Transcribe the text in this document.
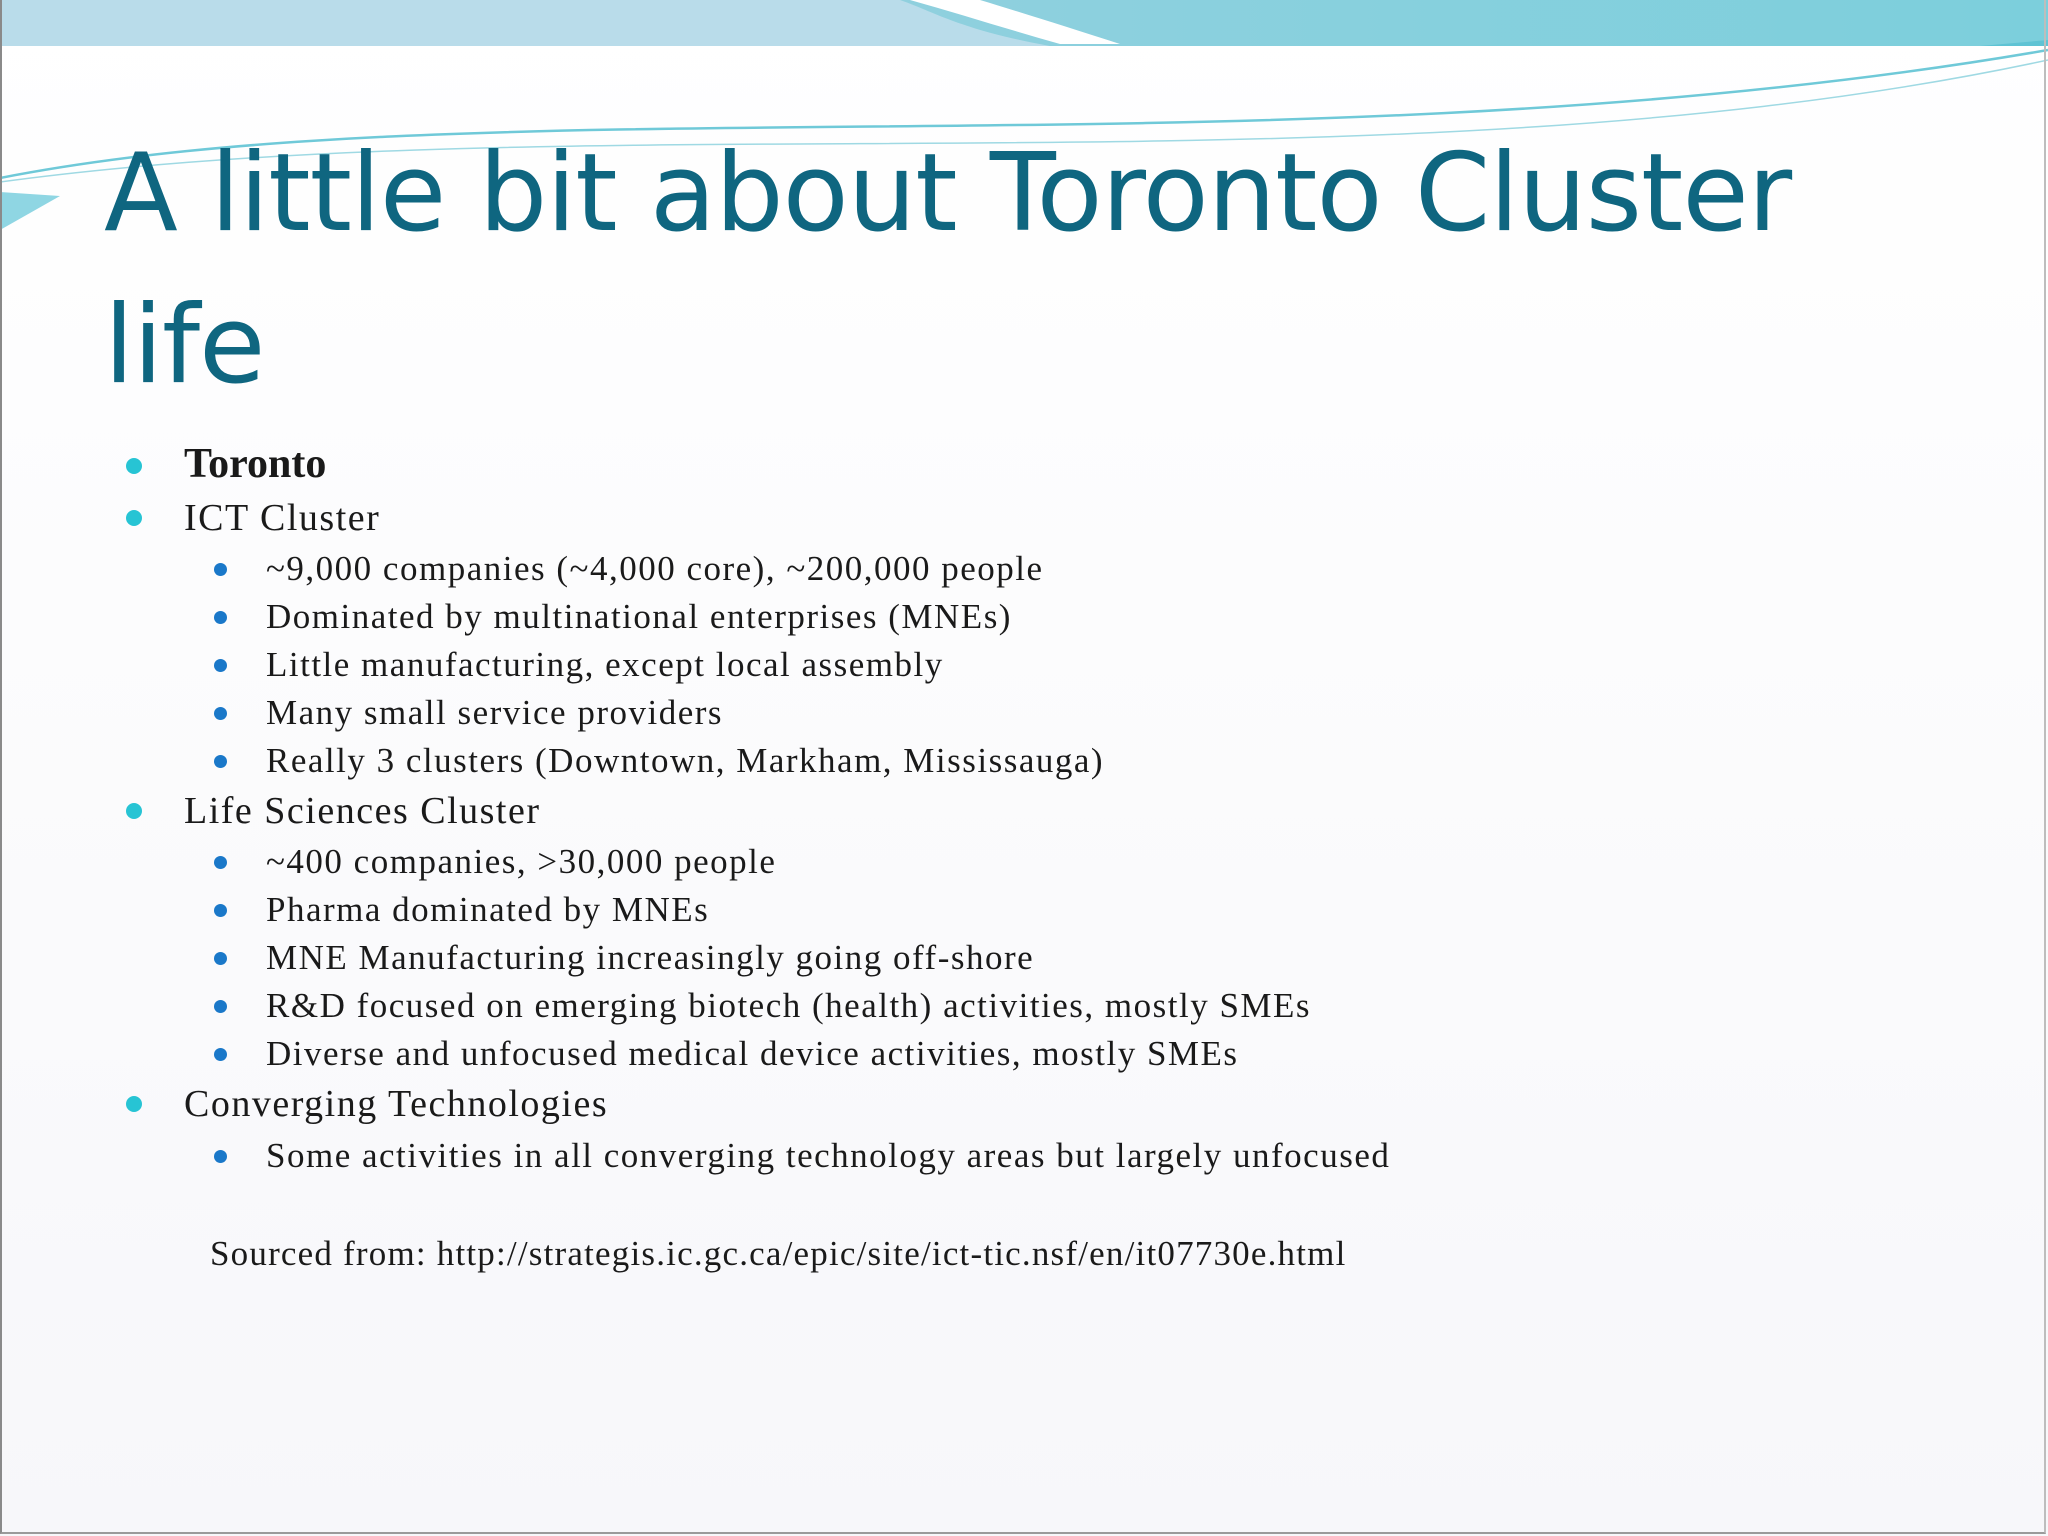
A little bit about Toronto Cluster life
Toronto
ICT Cluster
~9,000 companies (~4,000 core), ~200,000 people
Dominated by multinational enterprises (MNEs)
Little manufacturing, except local assembly
Many small service providers
Really 3 clusters (Downtown, Markham, Mississauga)
Life Sciences Cluster
~400 companies, >30,000 people
Pharma dominated by MNEs
MNE Manufacturing increasingly going off-shore
R&D focused on emerging biotech (health) activities, mostly SMEs
Diverse and unfocused medical device activities, mostly SMEs
Converging Technologies
Some activities in all converging technology areas but largely unfocused
Sourced from: http://strategis.ic.gc.ca/epic/site/ict-tic.nsf/en/it07730e.html
